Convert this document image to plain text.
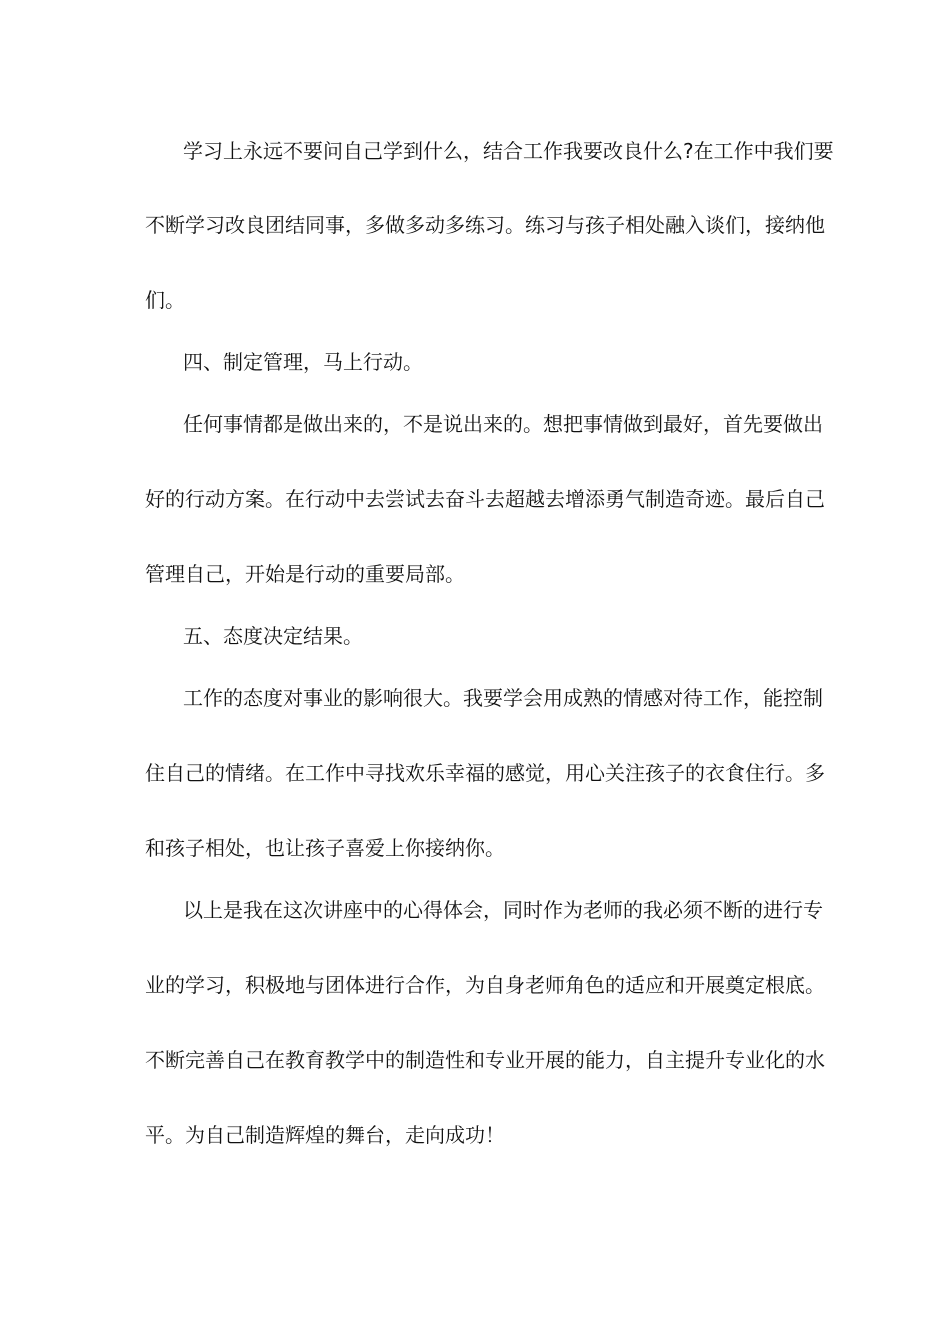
学习上永远不要问自己学到什么，结合工作我要改良什么?在工作中我们要
不断学习改良团结同事，多做多动多练习。练习与孩子相处融入谈们，接纳他
们。
四、制定管理，马上行动。
任何事情都是做出来的，不是说出来的。想把事情做到最好，首先要做出
好的行动方案。在行动中去尝试去奋斗去超越去增添勇气制造奇迹。最后自己
管理自己，开始是行动的重要局部。
五、态度决定结果。
工作的态度对事业的影响很大。我要学会用成熟的情感对待工作，能控制
住自己的情绪。在工作中寻找欢乐幸福的感觉，用心关注孩子的衣食住行。多
和孩子相处，也让孩子喜爱上你接纳你。
以上是我在这次讲座中的心得体会，同时作为老师的我必须不断的进行专
业的学习，积极地与团体进行合作，为自身老师角色的适应和开展奠定根底。
不断完善自己在教育教学中的制造性和专业开展的能力，自主提升专业化的水
平。为自己制造辉煌的舞台，走向成功！
